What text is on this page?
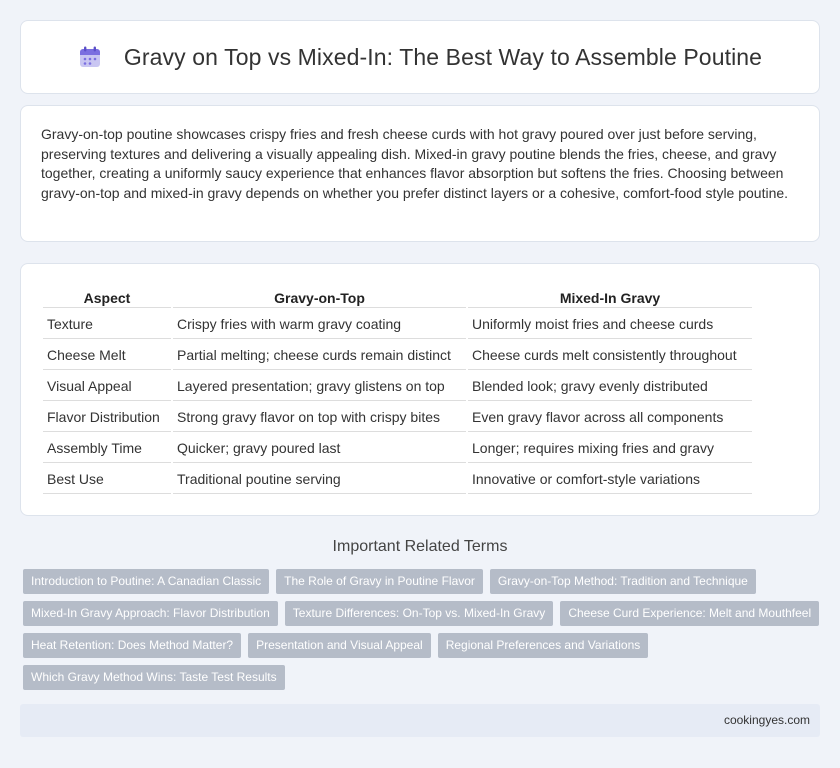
Gravy on Top vs Mixed-In: The Best Way to Assemble Poutine

Gravy-on-top poutine showcases crispy fries and fresh cheese curds with hot gravy poured over just before serving, preserving textures and delivering a visually appealing dish. Mixed-in gravy poutine blends the fries, cheese, and gravy together, creating a uniformly saucy experience that enhances flavor absorption but softens the fries. Choosing between gravy-on-top and mixed-in gravy depends on whether you prefer distinct layers or a cohesive, comfort-food style poutine.

Aspect	Gravy-on-Top	Mixed-In Gravy
Texture	Crispy fries with warm gravy coating	Uniformly moist fries and cheese curds
Cheese Melt	Partial melting; cheese curds remain distinct	Cheese curds melt consistently throughout
Visual Appeal	Layered presentation; gravy glistens on top	Blended look; gravy evenly distributed
Flavor Distribution	Strong gravy flavor on top with crispy bites	Even gravy flavor across all components
Assembly Time	Quicker; gravy poured last	Longer; requires mixing fries and gravy
Best Use	Traditional poutine serving	Innovative or comfort-style variations
Important Related Terms
Introduction to Poutine: A Canadian Classic	The Role of Gravy in Poutine Flavor	Gravy-on-Top Method: Tradition and Technique
Mixed-In Gravy Approach: Flavor Distribution	Texture Differences: On-Top vs. Mixed-In Gravy	Cheese Curd Experience: Melt and Mouthfeel
Heat Retention: Does Method Matter?	Presentation and Visual Appeal	Regional Preferences and Variations
Which Gravy Method Wins: Taste Test Results
cookingyes.com
